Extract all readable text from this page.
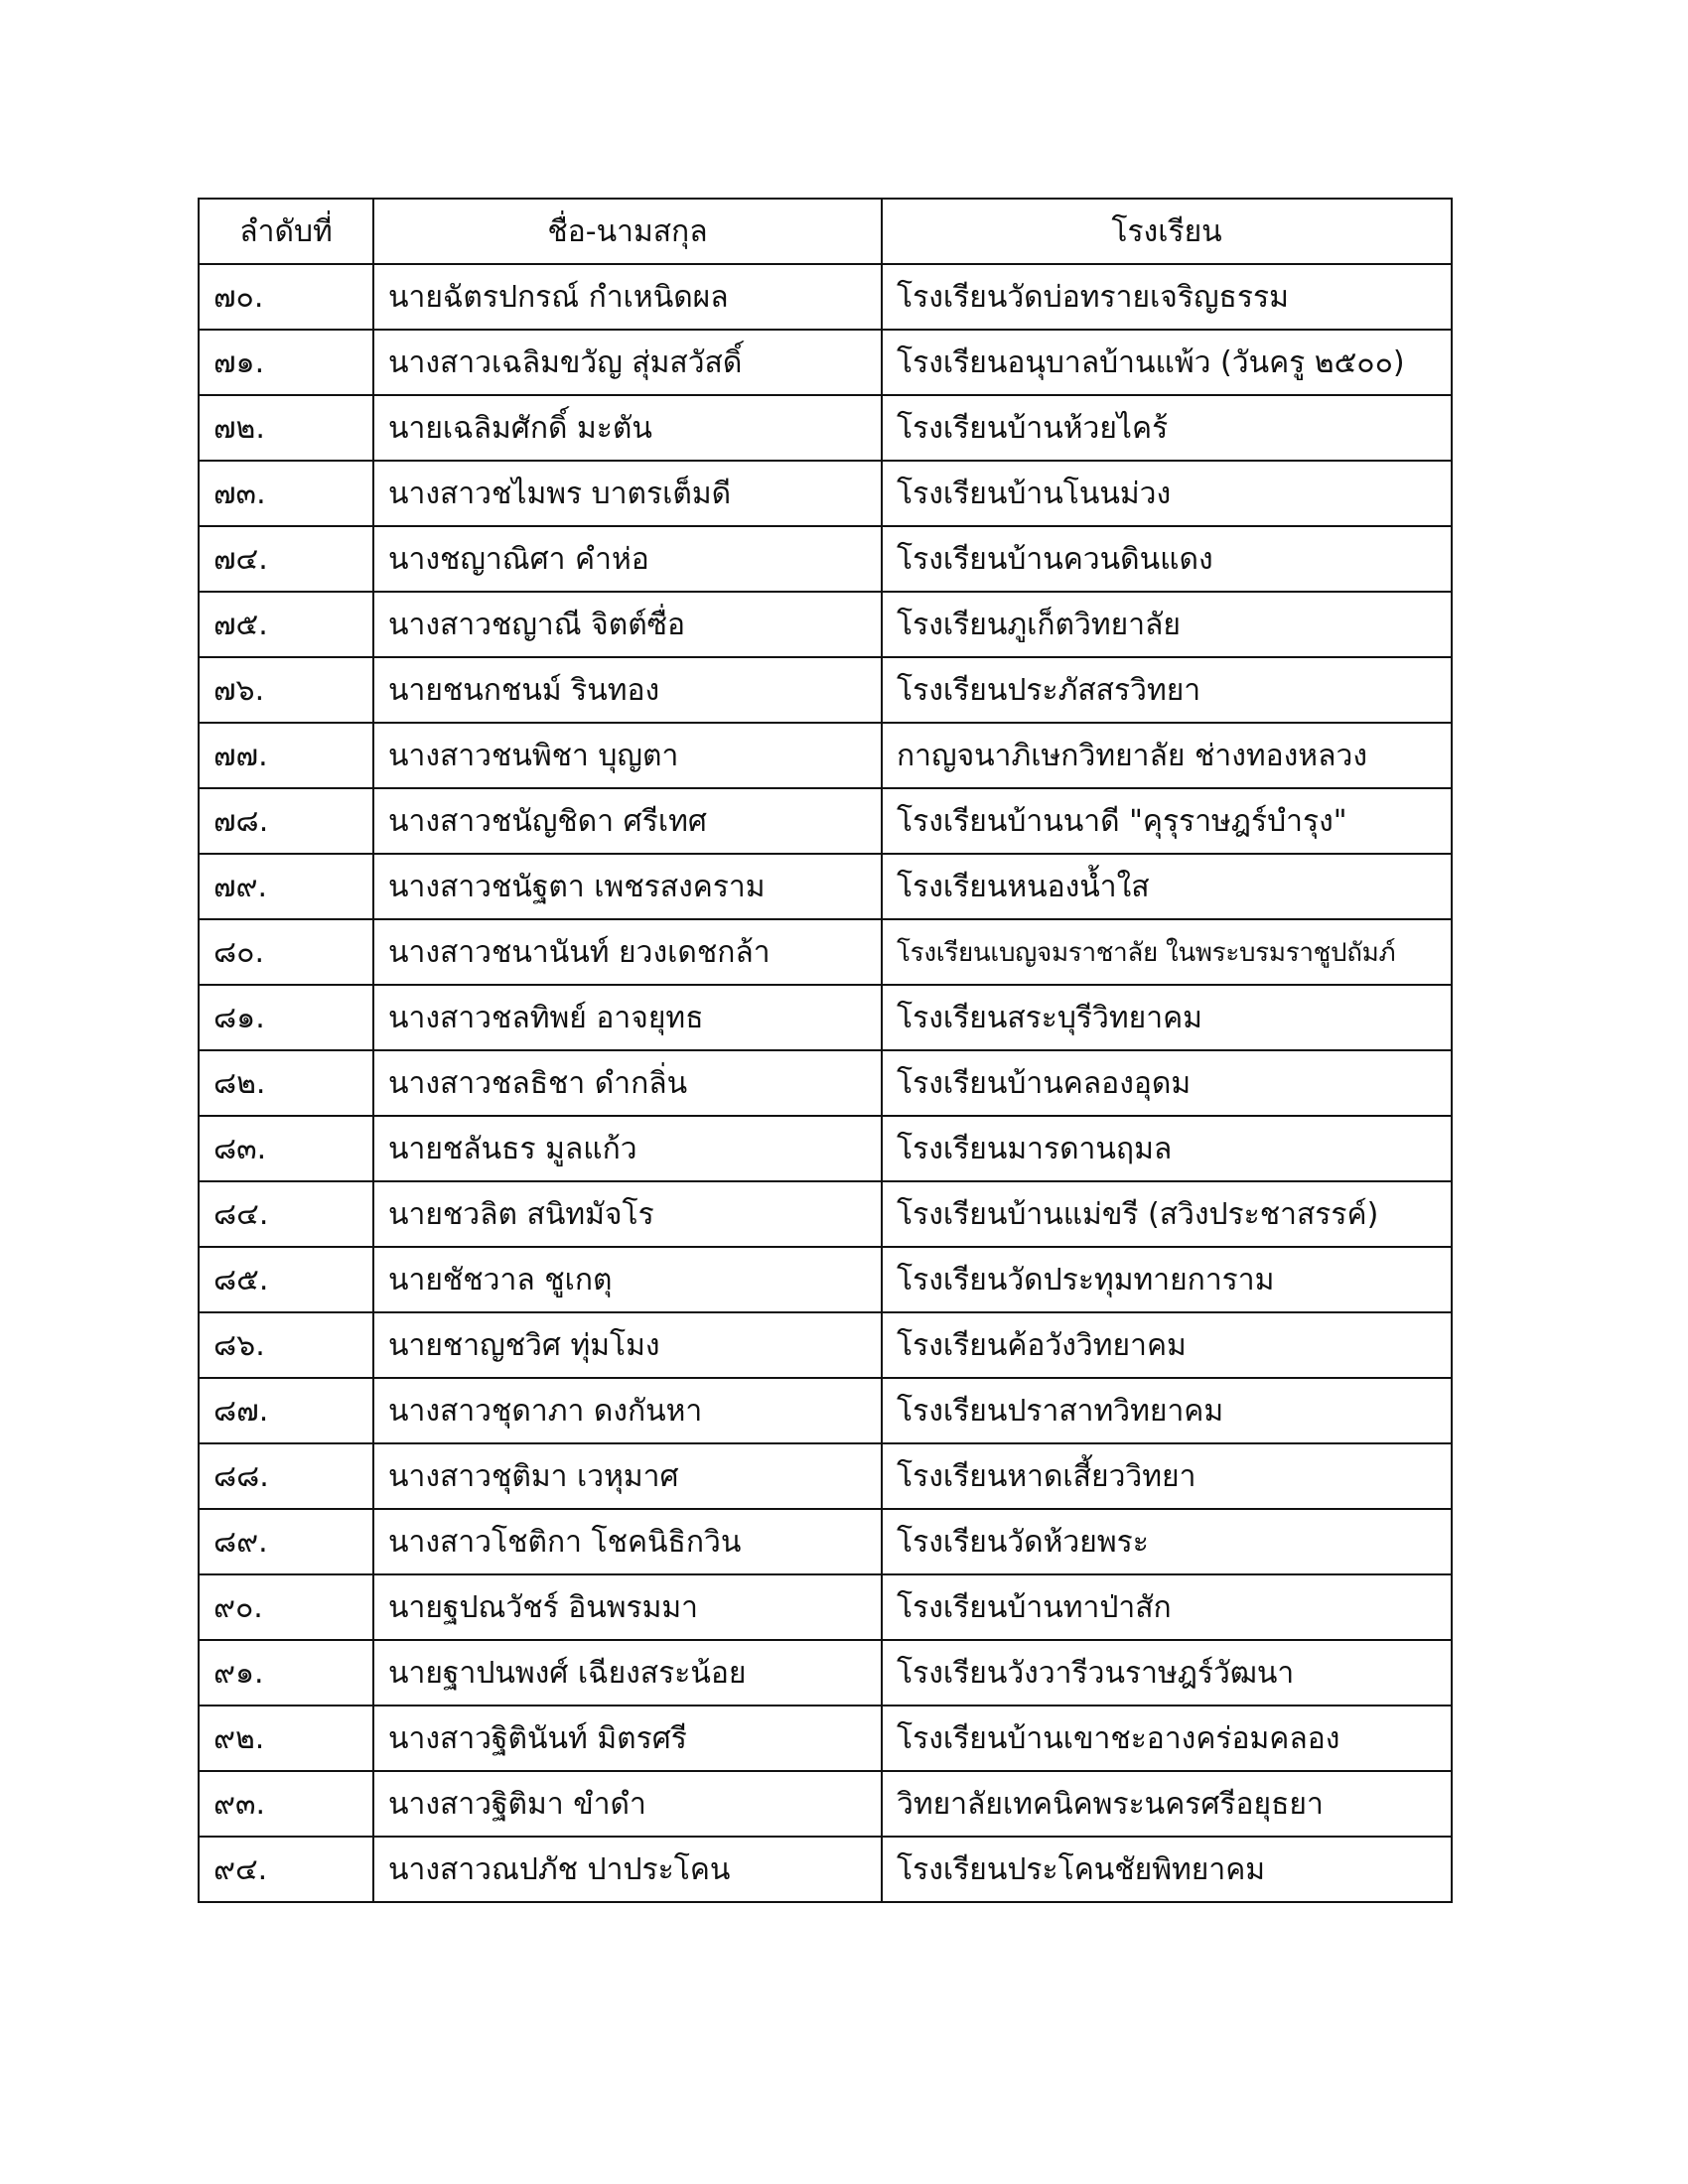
ลำดับที่	ชื่อ-นามสกุล	โรงเรียน
๗๐.	นายฉัตรปกรณ์ กำเหนิดผล	โรงเรียนวัดบ่อทรายเจริญธรรม
๗๑.	นางสาวเฉลิมขวัญ สุ่มสวัสดิ์	โรงเรียนอนุบาลบ้านแพ้ว (วันครู ๒๕๐๐)
๗๒.	นายเฉลิมศักดิ์ มะตัน	โรงเรียนบ้านห้วยไคร้
๗๓.	นางสาวชไมพร บาตรเต็มดี	โรงเรียนบ้านโนนม่วง
๗๔.	นางชญาณิศา คำห่อ	โรงเรียนบ้านควนดินแดง
๗๕.	นางสาวชญาณี จิตต์ซื่อ	โรงเรียนภูเก็ตวิทยาลัย
๗๖.	นายชนกชนม์ รินทอง	โรงเรียนประภัสสรวิทยา
๗๗.	นางสาวชนพิชา บุญตา	กาญจนาภิเษกวิทยาลัย ช่างทองหลวง
๗๘.	นางสาวชนัญชิดา ศรีเทศ	โรงเรียนบ้านนาดี "คุรุราษฎร์บำรุง"
๗๙.	นางสาวชนัฐตา เพชรสงคราม	โรงเรียนหนองน้ำใส
๘๐.	นางสาวชนานันท์ ยวงเดชกล้า	โรงเรียนเบญจมราชาลัย ในพระบรมราชูปถัมภ์
๘๑.	นางสาวชลทิพย์ อาจยุทธ	โรงเรียนสระบุรีวิทยาคม
๘๒.	นางสาวชลธิชา ดำกลิ่น	โรงเรียนบ้านคลองอุดม
๘๓.	นายชลันธร มูลแก้ว	โรงเรียนมารดานฤมล
๘๔.	นายชวลิต สนิทมัจโร	โรงเรียนบ้านแม่ขรี (สวิงประชาสรรค์)
๘๕.	นายชัชวาล ชูเกตุ	โรงเรียนวัดประทุมทายการาม
๘๖.	นายชาญชวิศ ทุ่มโมง	โรงเรียนค้อวังวิทยาคม
๘๗.	นางสาวชุดาภา ดงกันหา	โรงเรียนปราสาทวิทยาคม
๘๘.	นางสาวชุติมา เวหุมาศ	โรงเรียนหาดเสี้ยววิทยา
๘๙.	นางสาวโชติกา โชคนิธิกวิน	โรงเรียนวัดห้วยพระ
๙๐.	นายฐปณวัชร์ อินพรมมา	โรงเรียนบ้านทาป่าสัก
๙๑.	นายฐาปนพงศ์ เฉียงสระน้อย	โรงเรียนวังวารีวนราษฎร์วัฒนา
๙๒.	นางสาวฐิตินันท์ มิตรศรี	โรงเรียนบ้านเขาชะอางคร่อมคลอง
๙๓.	นางสาวฐิติมา ขำดำ	วิทยาลัยเทคนิคพระนครศรีอยุธยา
๙๔.	นางสาวณปภัช ปาประโคน	โรงเรียนประโคนชัยพิทยาคม
